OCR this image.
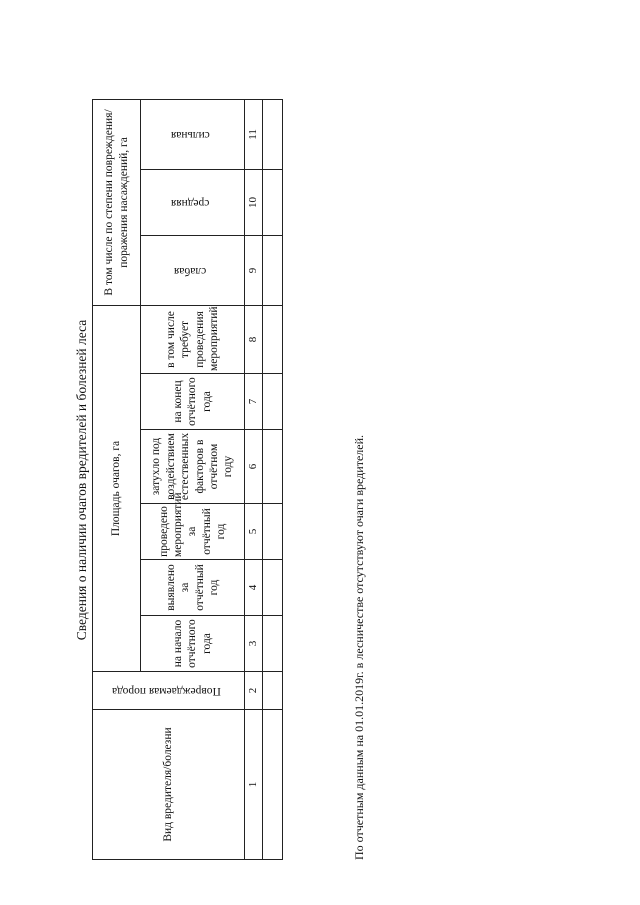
Сведения о наличии очагов вредителей и болезней леса
Вид вредителя/болезни	Повреждаемая порода	Площадь очагов, га						В том числе по степени повреждения/поражения насаждений, га		

		на начало отчётного года	выявлено за отчётный год	проведено мероприятий за отчётный год	затухло под воздействием естественных факторов в отчётном году	на конец отчётного года	в том числе требует проведения мероприятий	слабая	средняя	сильная
1	2	3	4	5	6	7	8	9	10	11

По отчетным данным на 01.01.2019г. в лесничестве отсутствуют очаги вредителей.
